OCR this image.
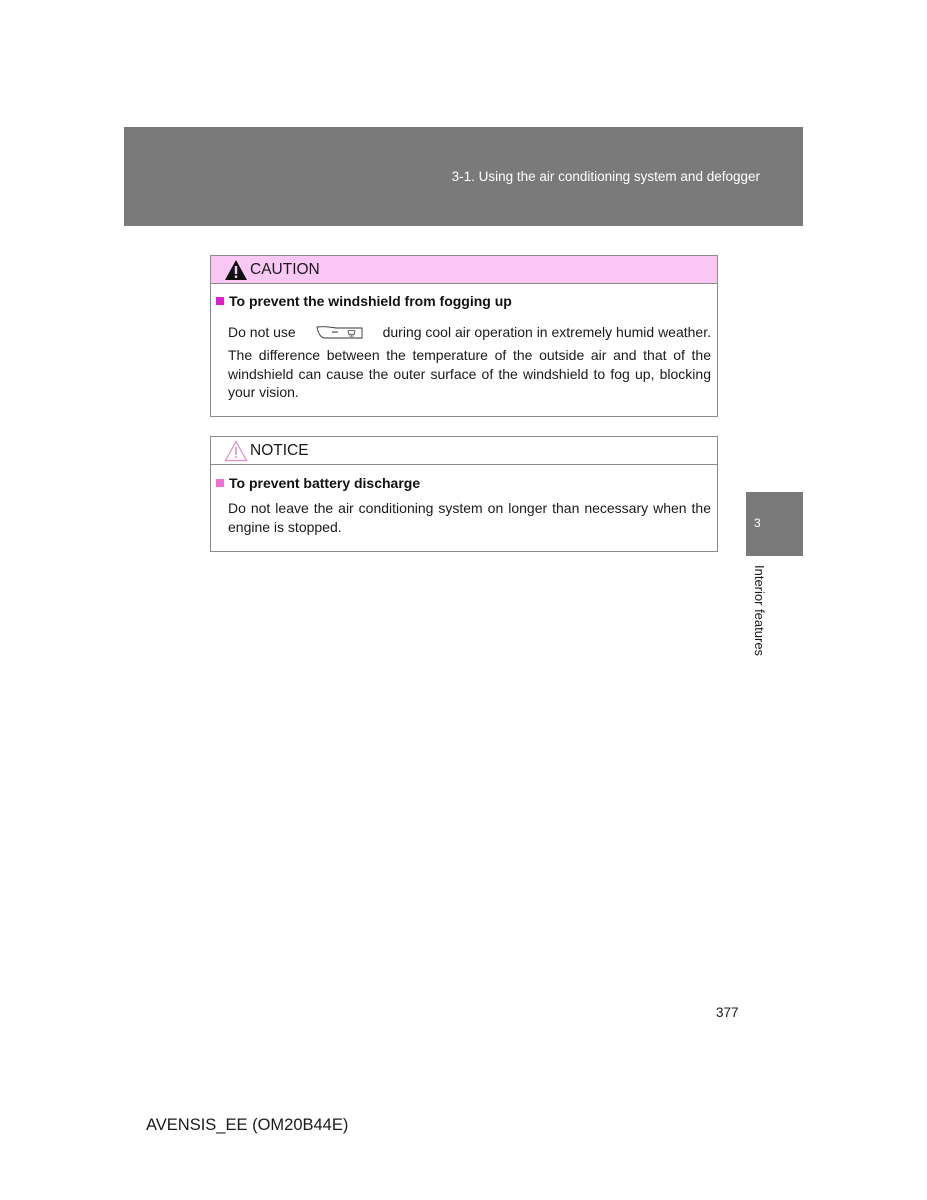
3-1. Using the air conditioning system and defogger
CAUTION
To prevent the windshield from fogging up
Do not use	during cool air operation in extremely humid weather.
The difference between the temperature of the outside air and that of the windshield can cause the outer surface of the windshield to fog up, blocking your vision.
NOTICE
To prevent battery discharge
Do not leave the air conditioning system on longer than necessary when the engine is stopped.	3
Interior features
377
AVENSIS_EE (OM20B44E)
